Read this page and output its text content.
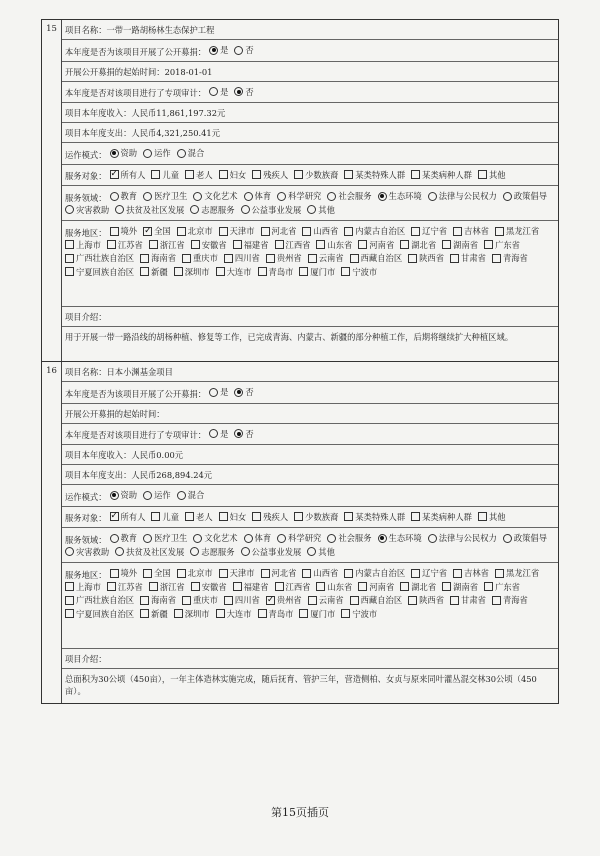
15 项目名称：一带一路胡杨林生态保护工程
本年度是否为该项目开展了公开募捐： 是 否
开展公开募捐的起始时间：2018-01-01
本年度是否对该项目进行了专项审计： 是 否
项目本年度收入：人民币11,861,197.32元
项目本年度支出：人民币4,321,250.41元
运作模式： 资助 运作 混合
服务对象： ✓ 所有人 儿童 老人 妇女 残疾人 少数族裔 某类特殊人群 某类病种人群 其他
服务领域： 教育 医疗卫生 文化艺术 体育 科学研究 社会服务 生态环境 法律与公民权力 政策倡导
灾害救助 扶贫及社区发展 志愿服务 公益事业发展 其他
服务地区： 境外 ✓ 全国 北京市 天津市 河北省 山西省 内蒙古自治区 辽宁省 吉林省 黑龙江省
上海市 江苏省 浙江省 安徽省 福建省 江西省 山东省 河南省 湖北省 湖南省 广东省
广西壮族自治区 海南省 重庆市 四川省 贵州省 云南省 西藏自治区 陕西省 甘肃省 青海省
宁夏回族自治区 新疆 深圳市 大连市 青岛市 厦门市 宁波市
项目介绍：
用于开展一带一路沿线的胡杨种植、修复等工作，已完成青海、内蒙古、新疆的部分种植工作，后期将继续扩大种植区域。
16 项目名称：日本小渊基金项目
本年度是否为该项目开展了公开募捐： 是 否
开展公开募捐的起始时间：
本年度是否对该项目进行了专项审计： 是 否
项目本年度收入：人民币0.00元
项目本年度支出：人民币268,894.24元
运作模式： 资助 运作 混合
服务对象： ✓ 所有人 儿童 老人 妇女 残疾人 少数族裔 某类特殊人群 某类病种人群 其他
服务领域： 教育 医疗卫生 文化艺术 体育 科学研究 社会服务 生态环境 法律与公民权力 政策倡导
灾害救助 扶贫及社区发展 志愿服务 公益事业发展 其他
服务地区： 境外 全国 北京市 天津市 河北省 山西省 内蒙古自治区 辽宁省 吉林省 黑龙江省
上海市 江苏省 浙江省 安徽省 福建省 江西省 山东省 河南省 湖北省 湖南省 广东省
广西壮族自治区 海南省 重庆市 四川省 ✓ 贵州省 云南省 西藏自治区 陕西省 甘肃省 青海省
宁夏回族自治区 新疆 深圳市 大连市 青岛市 厦门市 宁波市
项目介绍：
总面积为30公顷（450亩），一年主体造林实施完成，随后抚育、管护三年，营造侧柏、女贞与原来同叶灌丛混交林30公顷（450亩）。
第15页插页
